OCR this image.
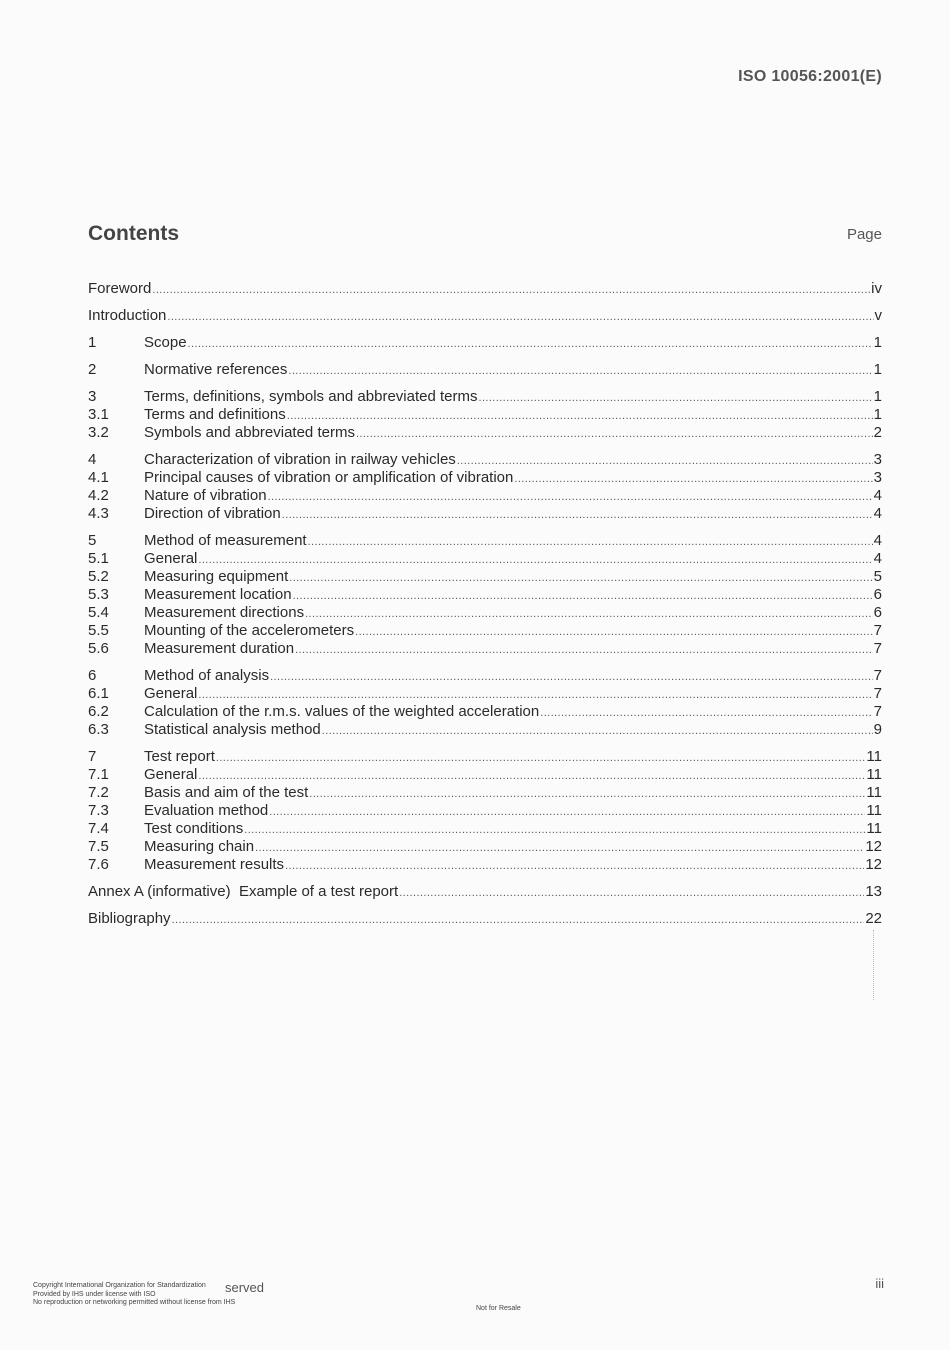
ISO 10056:2001(E)
Contents	Page
Foreword .....	iv
Introduction .....	v
1	Scope .....	1
2	Normative references .....	1
3	Terms, definitions, symbols and abbreviated terms .....	1
3.1	Terms and definitions .....	1
3.2	Symbols and abbreviated terms .....	2
4	Characterization of vibration in railway vehicles .....	3
4.1	Principal causes of vibration or amplification of vibration .....	3
4.2	Nature of vibration .....	4
4.3	Direction of vibration .....	4
5	Method of measurement .....	4
5.1	General .....	4
5.2	Measuring equipment .....	5
5.3	Measurement location .....	6
5.4	Measurement directions .....	6
5.5	Mounting of the accelerometers .....	7
5.6	Measurement duration .....	7
6	Method of analysis .....	7
6.1	General .....	7
6.2	Calculation of the r.m.s. values of the weighted acceleration .....	7
6.3	Statistical analysis method .....	9
7	Test report .....	11
7.1	General .....	11
7.2	Basis and aim of the test .....	11
7.3	Evaluation method .....	11
7.4	Test conditions .....	11
7.5	Measuring chain .....	12
7.6	Measurement results .....	12
Annex A (informative) Example of a test report .....	13
Bibliography .....	22
served
Copyright International Organization for Standardization
Provided by IHS under license with ISO
No reproduction or networking permitted without license from IHS
Not for Resale
iii
